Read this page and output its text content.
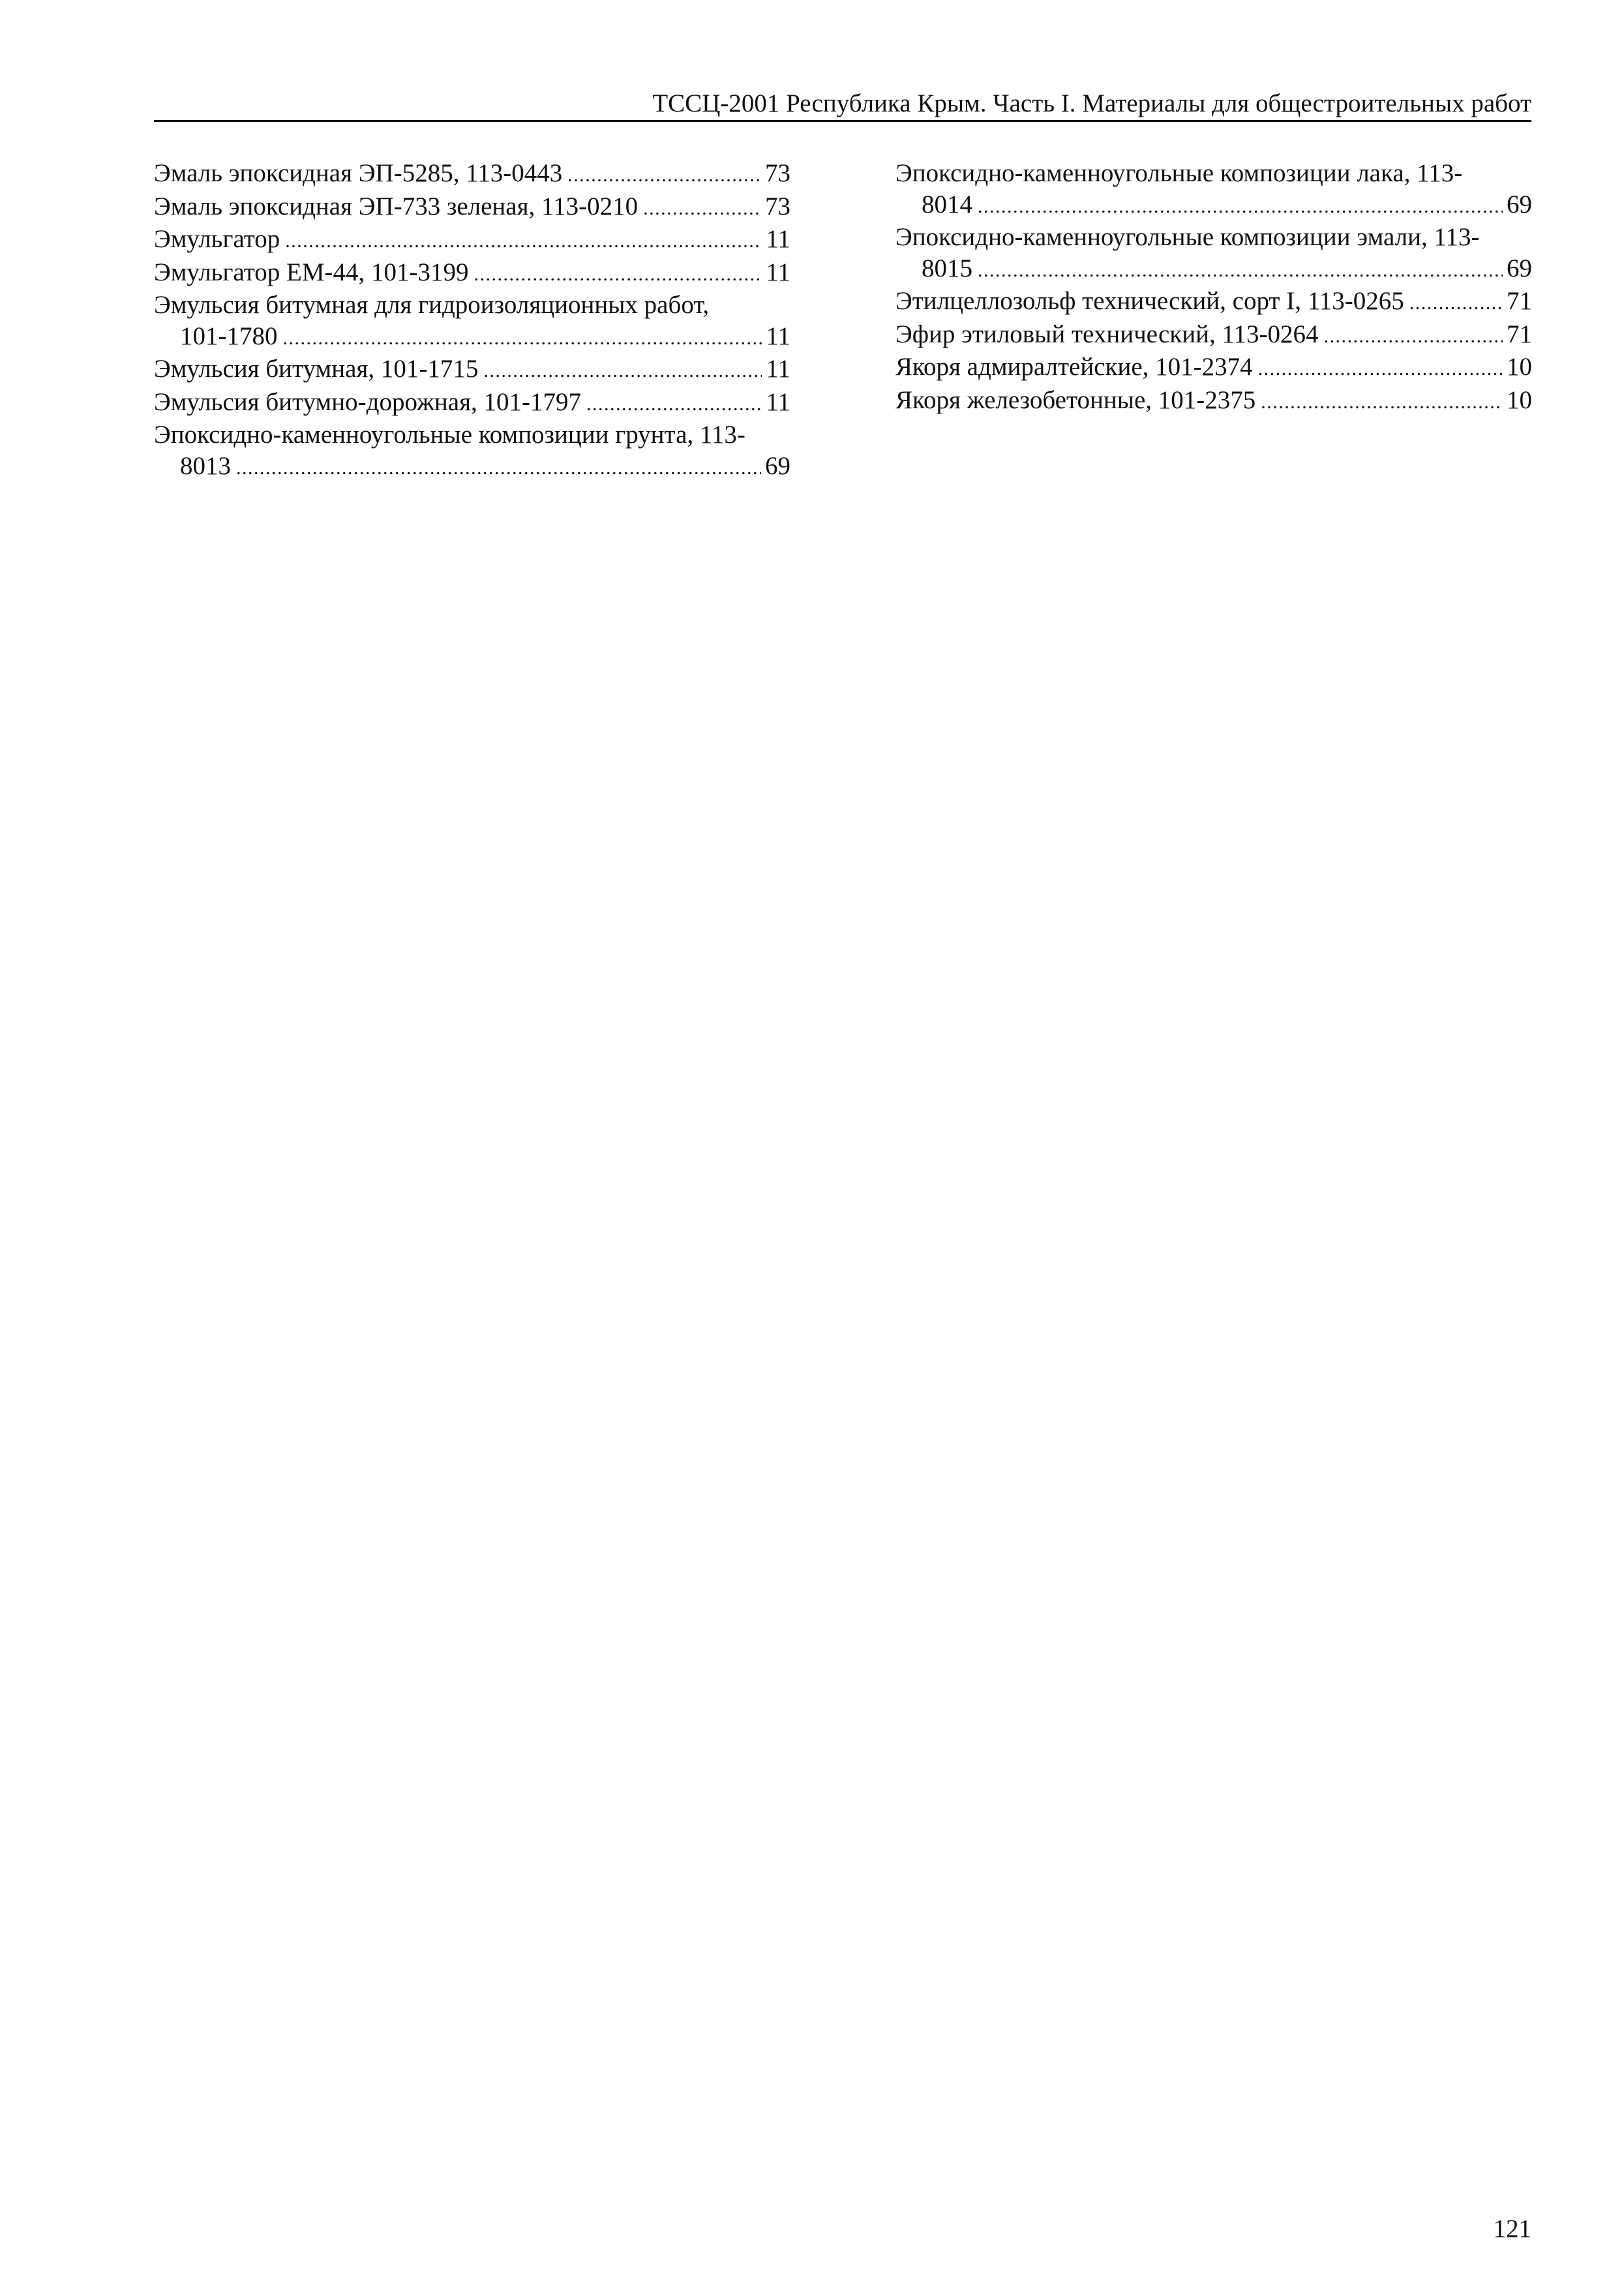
ТССЦ-2001 Республика Крым. Часть I. Материалы для общестроительных работ
Эмаль эпоксидная ЭП-5285, 113-0443 .....	73
Эмаль эпоксидная ЭП-733 зеленая, 113-0210 .....	73
Эмульгатор .....	11
Эмульгатор ЕМ-44, 101-3199 .....	11
Эмульсия битумная для гидроизоляционных работ,
101-1780 .....	11
Эмульсия битумная, 101-1715 .....	11
Эмульсия битумно-дорожная, 101-1797 .....	11
Эпоксидно-каменноугольные композиции грунта, 113-
8013 .....	69
Эпоксидно-каменноугольные композиции лака, 113-
8014 .....	69
Эпоксидно-каменноугольные композиции эмали, 113-
8015 .....	69
Этилцеллозольф технический, сорт I, 113-0265 .....	71
Эфир этиловый технический, 113-0264 .....	71
Якоря адмиралтейские, 101-2374 .....	10
Якоря железобетонные, 101-2375 .....	10
121
